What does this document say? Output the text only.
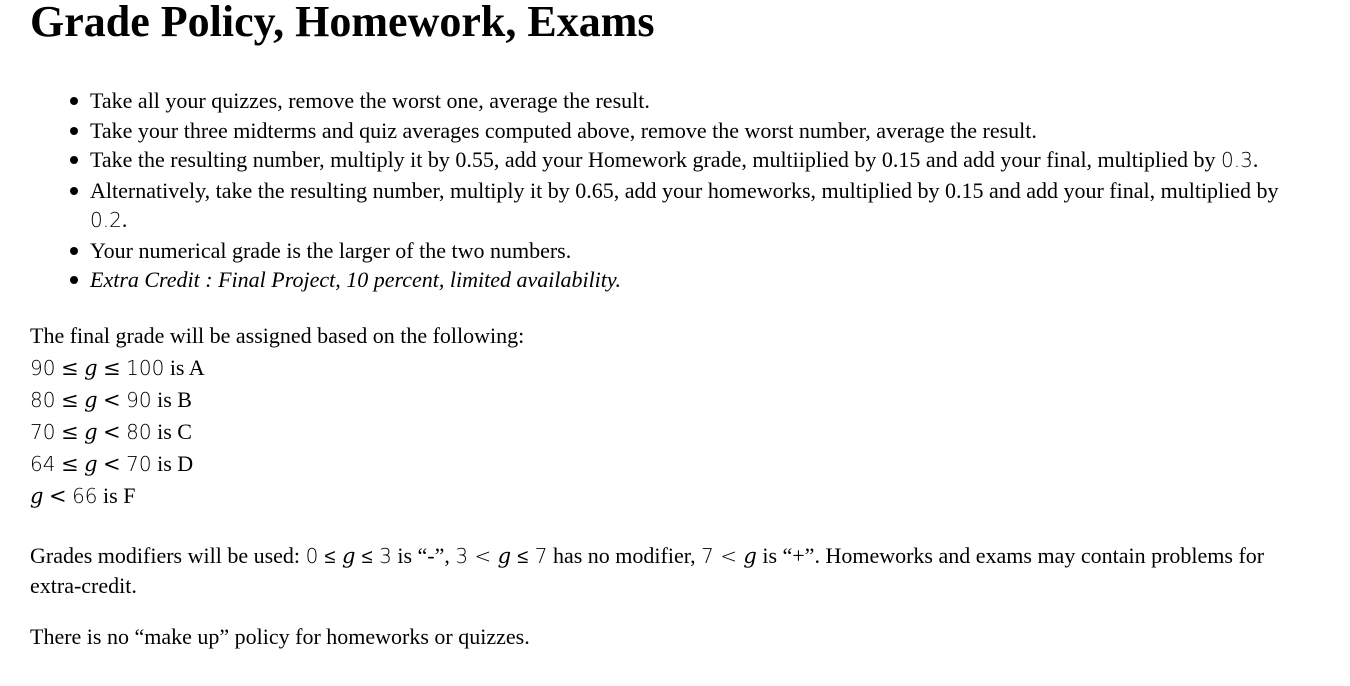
Grade Policy, Homework, Exams
Take all your quizzes, remove the worst one, average the result.
Take your three midterms and quiz averages computed above, remove the worst number, average the result.
Take the resulting number, multiply it by 0.55, add your Homework grade, multiiplied by 0.15 and add your final, multiplied by 0.3.
Alternatively, take the resulting number, multiply it by 0.65, add your homeworks, multiplied by 0.15 and add your final, multiplied by 0.2.
Your numerical grade is the larger of the two numbers.
Extra Credit : Final Project, 10 percent, limited availability.
The final grade will be assigned based on the following:
90 ≤ g ≤ 100 is A
80 ≤ g < 90 is B
70 ≤ g < 80 is C
64 ≤ g < 70 is D
g < 66 is F
Grades modifiers will be used: 0 ≤ g ≤ 3 is “-”, 3 < g ≤ 7 has no modifier, 7 < g is “+”. Homeworks and exams may contain problems for extra-credit.
There is no “make up” policy for homeworks or quizzes.
